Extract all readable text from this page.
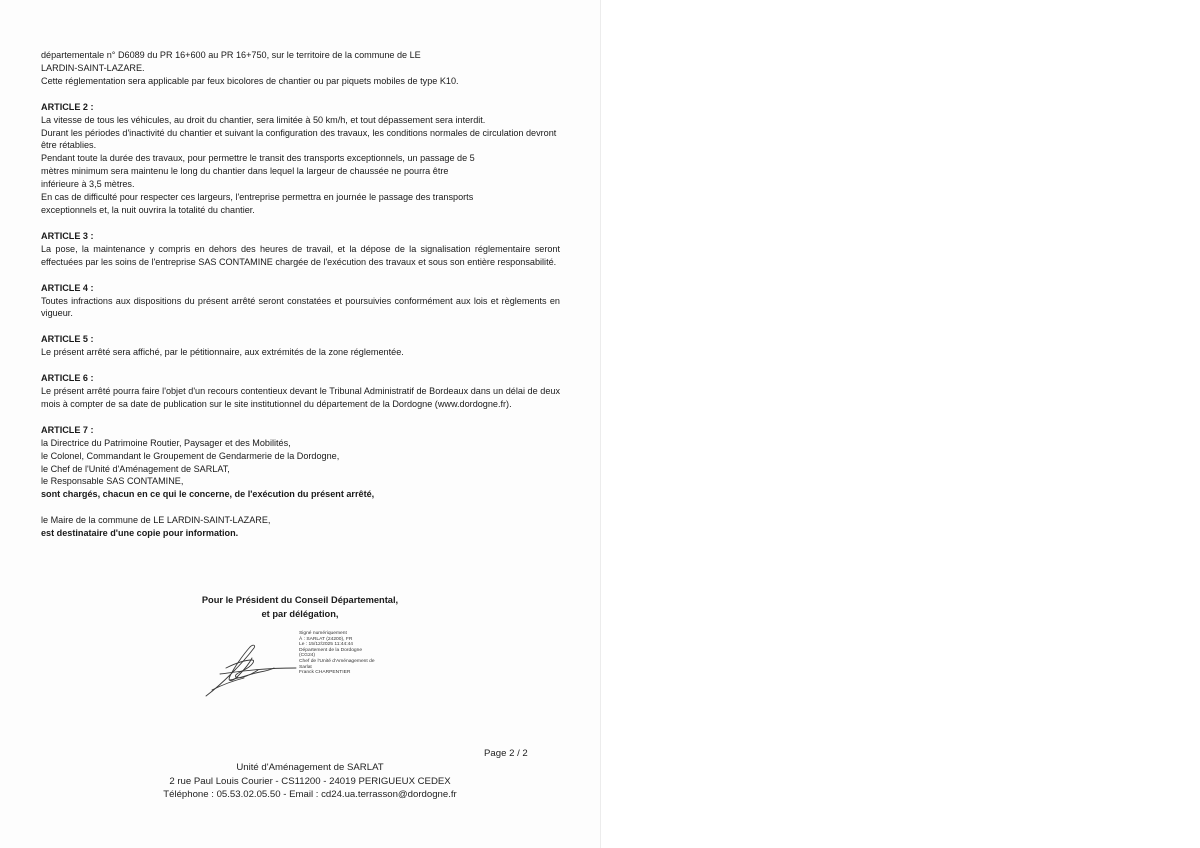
départementale n° D6089 du PR 16+600 au PR 16+750, sur le territoire de la commune de LE

LARDIN-SAINT-LAZARE.

Cette réglementation sera applicable par feux bicolores de chantier ou par piquets mobiles de type K10.

ARTICLE 2 :

La vitesse de tous les véhicules, au droit du chantier, sera limitée à 50 km/h, et tout dépassement sera interdit.

Durant les périodes d'inactivité du chantier et suivant la configuration des travaux, les conditions normales de circulation devront être rétablies.

Pendant toute la durée des travaux, pour permettre le transit des transports exceptionnels, un passage de 5

mètres minimum sera maintenu le long du chantier dans lequel la largeur de chaussée ne pourra être

inférieure à 3,5 mètres.

En cas de difficulté pour respecter ces largeurs, l'entreprise permettra en journée le passage des transports

exceptionnels et, la nuit ouvrira la totalité du chantier.

ARTICLE 3 :

La pose, la maintenance y compris en dehors des heures de travail, et la dépose de la signalisation réglementaire seront effectuées par les soins de l'entreprise SAS CONTAMINE chargée de l'exécution des travaux et sous son entière responsabilité.

ARTICLE 4 :

Toutes infractions aux dispositions du présent arrêté seront constatées et poursuivies conformément aux lois et règlements en vigueur.

ARTICLE 5 :

Le présent arrêté sera affiché, par le pétitionnaire, aux extrémités de la zone réglementée.

ARTICLE 6 :

Le présent arrêté pourra faire l'objet d'un recours contentieux devant le Tribunal Administratif de Bordeaux dans un délai de deux mois à compter de sa date de publication sur le site institutionnel du département de la Dordogne (www.dordogne.fr).

ARTICLE 7 :

la Directrice du Patrimoine Routier, Paysager et des Mobilités,

le Colonel, Commandant le Groupement de Gendarmerie de la Dordogne,

le Chef de l'Unité d'Aménagement de SARLAT,

le Responsable SAS CONTAMINE,

sont chargés, chacun en ce qui le concerne, de l'exécution du présent arrêté,

le Maire de la commune de LE LARDIN-SAINT-LAZARE,

est destinataire d'une copie pour information.

Pour le Président du Conseil Départemental,
et par délégation,
Signé numériquement
À : SARLAT (24200), FR
Le : 15/12/2025 11:44:44
Département de la Dordogne
(CG24)
Chef de l'Unité d'Aménagement de
Sarlat
Franck CHARPENTIER
Page 2 / 2
Unité d'Aménagement de SARLAT
2 rue Paul Louis Courier - CS11200 - 24019 PERIGUEUX CEDEX
Téléphone : 05.53.02.05.50 - Email : cd24.ua.terrasson@dordogne.fr
